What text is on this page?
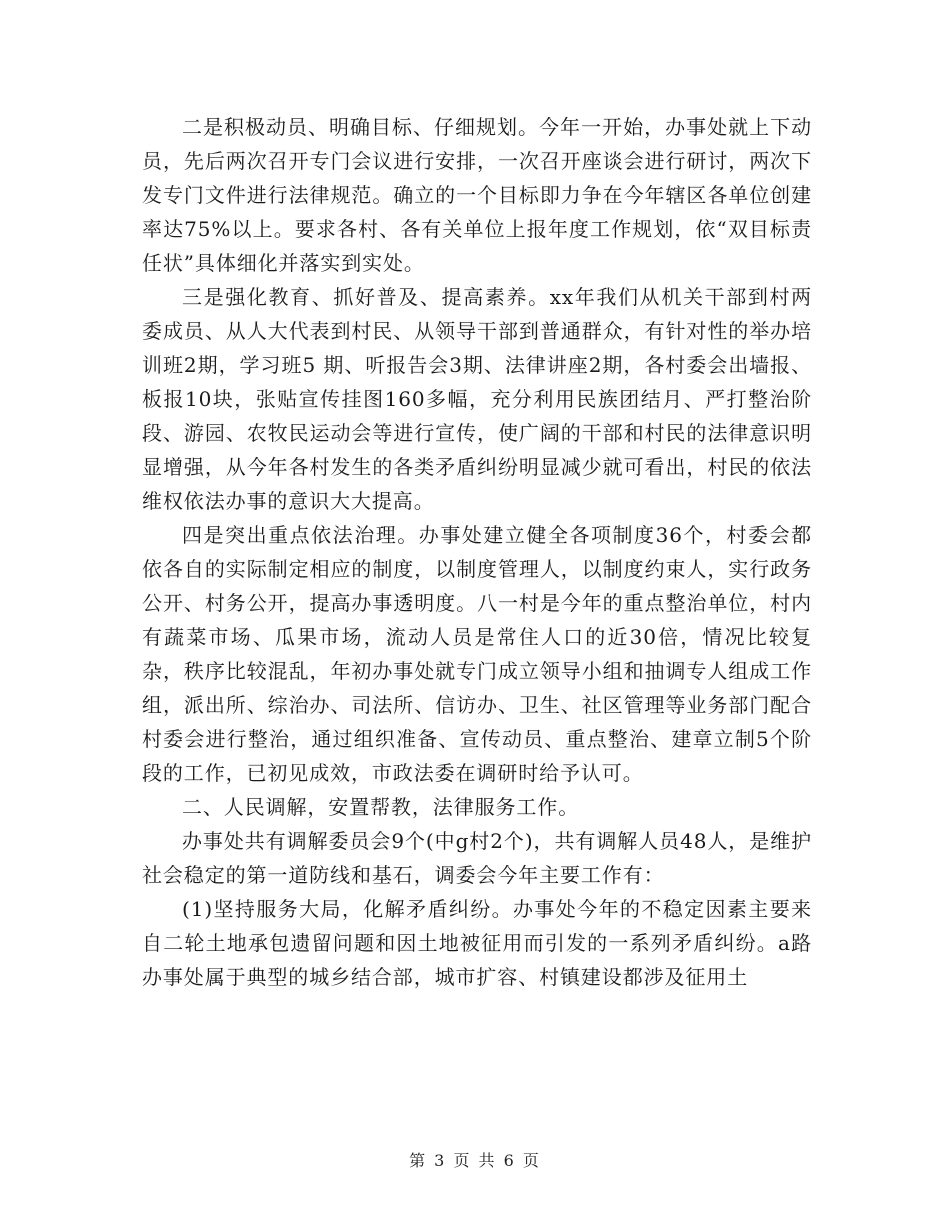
二是积极动员、明确目标、仔细规划。今年一开始，办事处就上下动员，先后两次召开专门会议进行安排，一次召开座谈会进行研讨，两次下发专门文件进行法律规范。确立的一个目标即力争在今年辖区各单位创建率达75%以上。要求各村、各有关单位上报年度工作规划，依“双目标责任状”具体细化并落实到实处。

三是强化教育、抓好普及、提高素养。xx年我们从机关干部到村两委成员、从人大代表到村民、从领导干部到普通群众，有针对性的举办培训班2期，学习班5 期、听报告会3期、法律讲座2期，各村委会出墙报、板报10块，张贴宣传挂图160多幅，充分利用民族团结月、严打整治阶段、游园、农牧民运动会等进行宣传，使广阔的干部和村民的法律意识明显增强，从今年各村发生的各类矛盾纠纷明显减少就可看出，村民的依法维权依法办事的意识大大提高。

四是突出重点依法治理。办事处建立健全各项制度36个，村委会都依各自的实际制定相应的制度，以制度管理人，以制度约束人，实行政务公开、村务公开，提高办事透明度。八一村是今年的重点整治单位，村内有蔬菜市场、瓜果市场，流动人员是常住人口的近30倍，情况比较复杂，秩序比较混乱，年初办事处就专门成立领导小组和抽调专人组成工作组，派出所、综治办、司法所、信访办、卫生、社区管理等业务部门配合村委会进行整治，通过组织准备、宣传动员、重点整治、建章立制5个阶段的工作，已初见成效，市政法委在调研时给予认可。

二、人民调解，安置帮教，法律服务工作。

办事处共有调解委员会9个(中g村2个)，共有调解人员48人，是维护社会稳定的第一道防线和基石，调委会今年主要工作有：

(1)坚持服务大局，化解矛盾纠纷。办事处今年的不稳定因素主要来自二轮土地承包遗留问题和因土地被征用而引发的一系列矛盾纠纷。a路办事处属于典型的城乡结合部，城市扩容、村镇建设都涉及征用土

第 3 页 共 6 页
